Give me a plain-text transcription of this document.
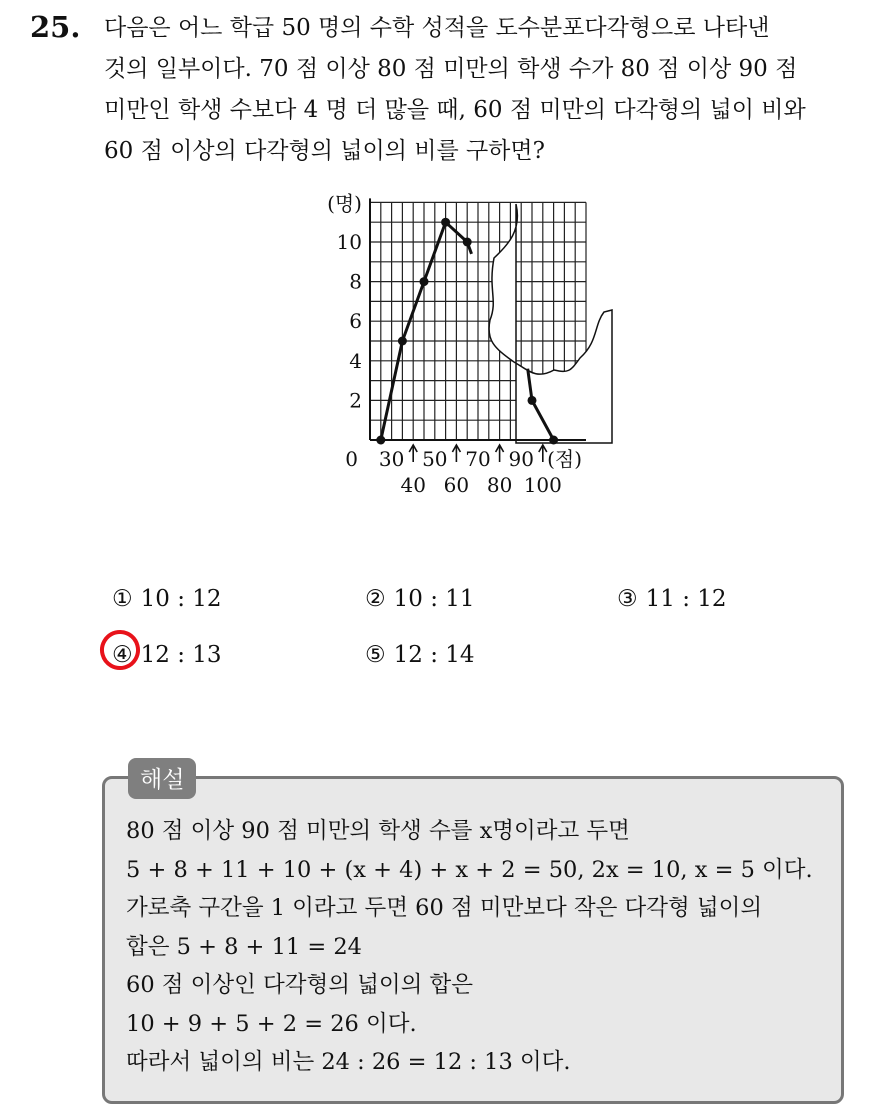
25. 다음은 어느 학급 50 명의 수학 성적을 도수분포다각형으로 나타낸
것의 일부이다. 70 점 이상 80 점 미만의 학생 수가 80 점 이상 90 점
미만인 학생 수보다 4 명 더 많을 때, 60 점 미만의 다각형의 넓이 비와
60 점 이상의 다각형의 넓이의 비를 구하면?
(명)
2
4
6
8
10
0 30 50 70 90
40 60 80 100
(점)
① 10 : 12	② 10 : 11	③ 11 : 12
④ 12 : 13	⑤ 12 : 14
해설
80 점 이상 90 점 미만의 학생 수를 x명이라고 두면
5 + 8 + 11 + 10 + (x + 4) + x + 2 = 50, 2x = 10, x = 5 이다.
가로축 구간을 1 이라고 두면 60 점 미만보다 작은 다각형 넓이의
합은 5 + 8 + 11 = 24
60 점 이상인 다각형의 넓이의 합은
10 + 9 + 5 + 2 = 26 이다.
따라서 넓이의 비는 24 : 26 = 12 : 13 이다.
